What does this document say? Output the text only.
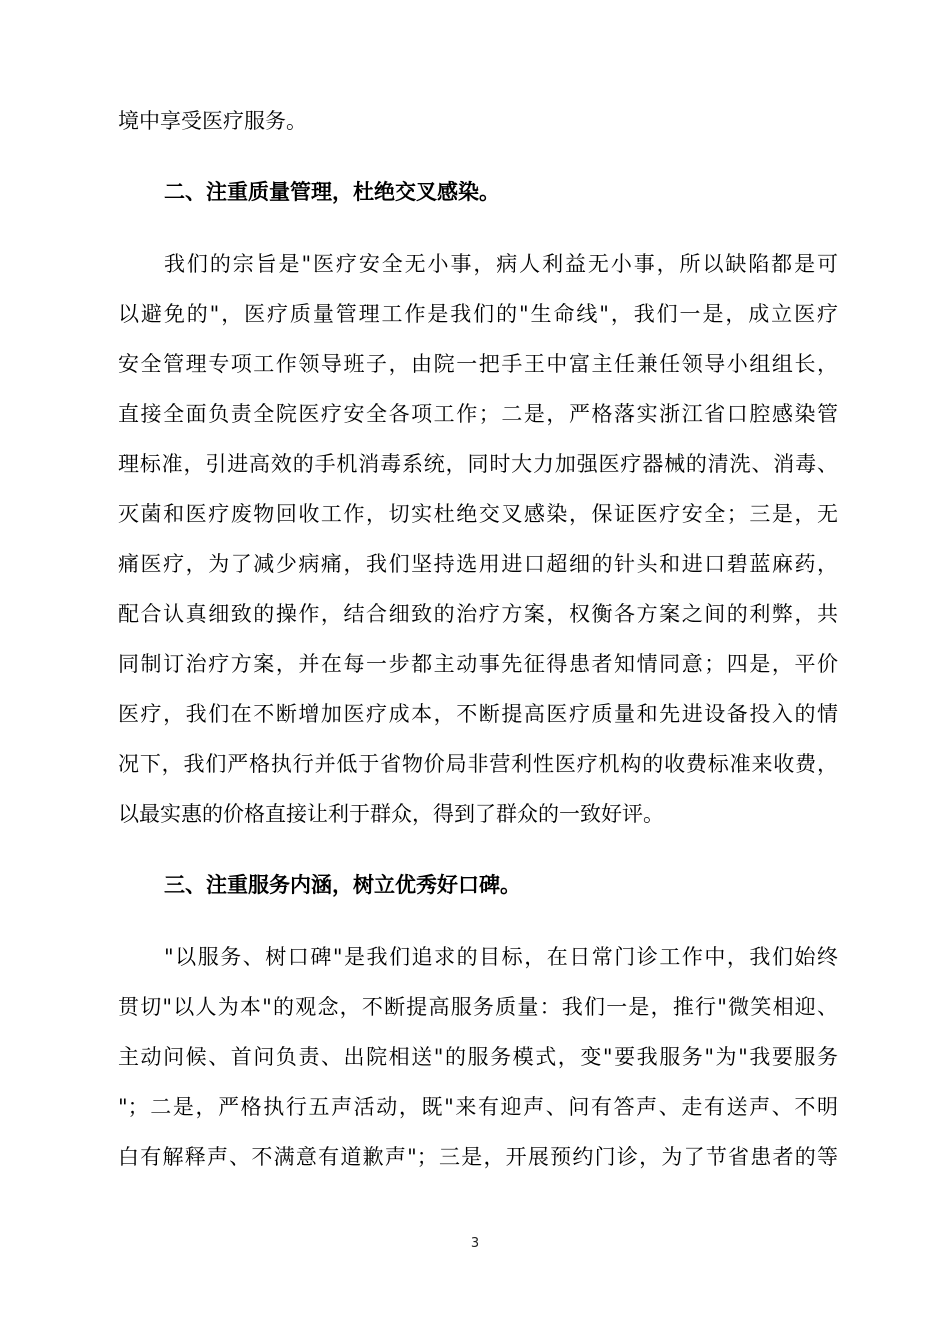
境中享受医疗服务。
二、注重质量管理，杜绝交叉感染。
我们的宗旨是"医疗安全无小事，病人利益无小事，所以缺陷都是可
以避免的"，医疗质量管理工作是我们的"生命线"，我们一是，成立医疗
安全管理专项工作领导班子，由院一把手王中富主任兼任领导小组组长，
直接全面负责全院医疗安全各项工作；二是，严格落实浙江省口腔感染管
理标准，引进高效的手机消毒系统，同时大力加强医疗器械的清洗、消毒、
灭菌和医疗废物回收工作，切实杜绝交叉感染，保证医疗安全；三是，无
痛医疗，为了减少病痛，我们坚持选用进口超细的针头和进口碧蓝麻药，
配合认真细致的操作，结合细致的治疗方案，权衡各方案之间的利弊，共
同制订治疗方案，并在每一步都主动事先征得患者知情同意；四是，平价
医疗，我们在不断增加医疗成本，不断提高医疗质量和先进设备投入的情
况下，我们严格执行并低于省物价局非营利性医疗机构的收费标准来收费，
以最实惠的价格直接让利于群众，得到了群众的一致好评。
三、注重服务内涵，树立优秀好口碑。
"以服务、树口碑"是我们追求的目标，在日常门诊工作中，我们始终
贯切"以人为本"的观念，不断提高服务质量：我们一是，推行"微笑相迎、
主动问候、首问负责、出院相送"的服务模式，变"要我服务"为"我要服务
"；二是，严格执行五声活动，既"来有迎声、问有答声、走有送声、不明
白有解释声、不满意有道歉声"；三是，开展预约门诊，为了节省患者的等
3
